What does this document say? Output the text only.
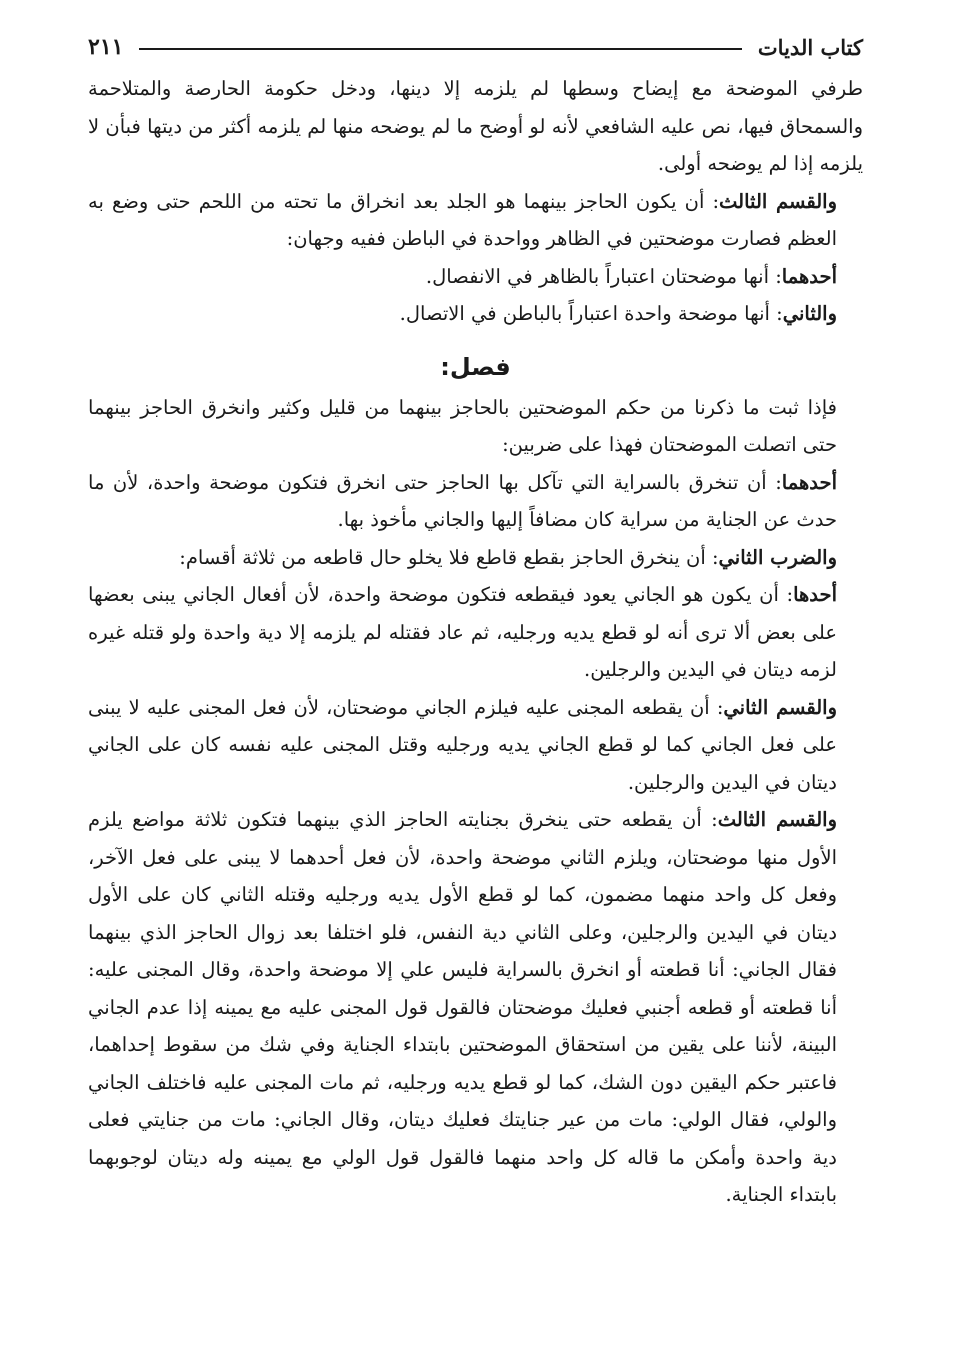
كتاب الديات
٢١١

طرفي الموضحة مع إيضاح وسطها لم يلزمه إلا دينها، ودخل حكومة الحارصة والمتلاحمة والسمحاق فيها، نص عليه الشافعي لأنه لو أوضح ما لم يوضحه منها لم يلزمه أكثر من ديتها فبأن لا يلزمه إذا لم يوضحه أولى.

والقسم الثالث: أن يكون الحاجز بينهما هو الجلد بعد انخراق ما تحته من اللحم حتى وضع به العظم فصارت موضحتين في الظاهر وواحدة في الباطن ففيه وجهان:

أحدهما: أنها موضحتان اعتباراً بالظاهر في الانفصال.

والثاني: أنها موضحة واحدة اعتباراً بالباطن في الاتصال.

فصل:

فإذا ثبت ما ذكرنا من حكم الموضحتين بالحاجز بينهما من قليل وكثير وانخرق الحاجز بينهما حتى اتصلت الموضحتان فهذا على ضربين:

أحدهما: أن تنخرق بالسراية التي تآكل بها الحاجز حتى انخرق فتكون موضحة واحدة، لأن ما حدث عن الجناية من سراية كان مضافاً إليها والجاني مأخوذ بها.

والضرب الثاني: أن ينخرق الحاجز بقطع قاطع فلا يخلو حال قاطعه من ثلاثة أقسام:

أحدها: أن يكون هو الجاني يعود فيقطعه فتكون موضحة واحدة، لأن أفعال الجاني يبنى بعضها على بعض ألا ترى أنه لو قطع يديه ورجليه، ثم عاد فقتله لم يلزمه إلا دية واحدة ولو قتله غيره لزمه ديتان في اليدين والرجلين.

والقسم الثاني: أن يقطعه المجنى عليه فيلزم الجاني موضحتان، لأن فعل المجنى عليه لا يبنى على فعل الجاني كما لو قطع الجاني يديه ورجليه وقتل المجنى عليه نفسه كان على الجاني ديتان في اليدين والرجلين.

والقسم الثالث: أن يقطعه حتى ينخرق بجنايته الحاجز الذي بينهما فتكون ثلاثة مواضع يلزم الأول منها موضحتان، ويلزم الثاني موضحة واحدة، لأن فعل أحدهما لا يبنى على فعل الآخر، وفعل كل واحد منهما مضمون، كما لو قطع الأول يديه ورجليه وقتله الثاني كان على الأول ديتان في اليدين والرجلين، وعلى الثاني دية النفس، فلو اختلفا بعد زوال الحاجز الذي بينهما فقال الجاني: أنا قطعته أو انخرق بالسراية فليس علي إلا موضحة واحدة، وقال المجنى عليه: أنا قطعته أو قطعه أجنبي فعليك موضحتان فالقول قول المجنى عليه مع يمينه إذا عدم الجاني البينة، لأننا على يقين من استحقاق الموضحتين بابتداء الجناية وفي شك من سقوط إحداهما، فاعتبر حكم اليقين دون الشك، كما لو قطع يديه ورجليه، ثم مات المجنى عليه فاختلف الجاني والولي، فقال الولي: مات من عير جنايتك فعليك ديتان، وقال الجاني: مات من جنايتي فعلى دية واحدة وأمكن ما قاله كل واحد منهما فالقول قول الولي مع يمينه وله ديتان لوجوبهما بابتداء الجناية.
